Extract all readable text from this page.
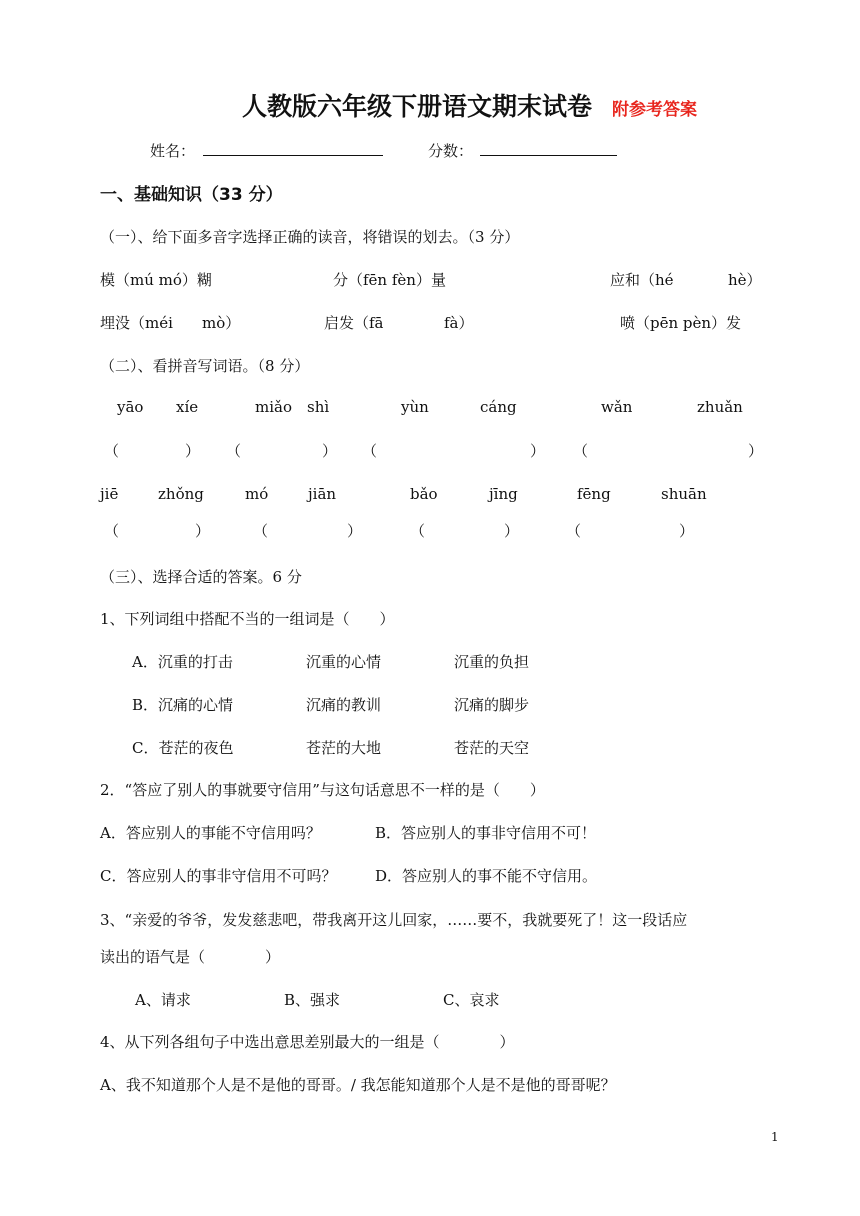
人教版六年级下册语文期末试卷 附参考答案
姓名：	分数：
一、基础知识（33 分）
（一）、给下面多音字选择正确的读音，将错误的划去。（3 分）
模（mú mó）糊	分（fēn fèn）量	应和（hé	hè）
埋没（méi mò）	启发（fā	fà）	喷（pēn pèn）发
（二）、看拼音写词语。（8 分）
yāo xíe	miǎo shì	yùn	cáng	wǎn	zhuǎn
（	） （	） （	） （	）
jiē	zhǒng	mó	jiān	bǎo	jīng	fēng	shuān
（	）	（	）	（	）	（	）
（三）、选择合适的答案。6 分
1、下列词组中搭配不当的一组词是（　　）
A．沉重的打击	沉重的心情	沉重的负担
B．沉痛的心情	沉痛的教训	沉痛的脚步
C．苍茫的夜色	苍茫的大地	苍茫的天空
2．“答应了别人的事就要守信用”与这句话意思不一样的是（　　）
A．答应别人的事能不守信用吗？	B．答应别人的事非守信用不可！
C．答应别人的事非守信用不可吗？	D．答应别人的事不能不守信用。
3、“亲爱的爷爷，发发慈悲吧，带我离开这儿回家，……要不，我就要死了！这一段话应
读出的语气是（　　　　）
A、请求	B、强求	C、哀求
4、从下列各组句子中选出意思差别最大的一组是（　　　　）
A、我不知道那个人是不是他的哥哥。/ 我怎能知道那个人是不是他的哥哥呢？
1
